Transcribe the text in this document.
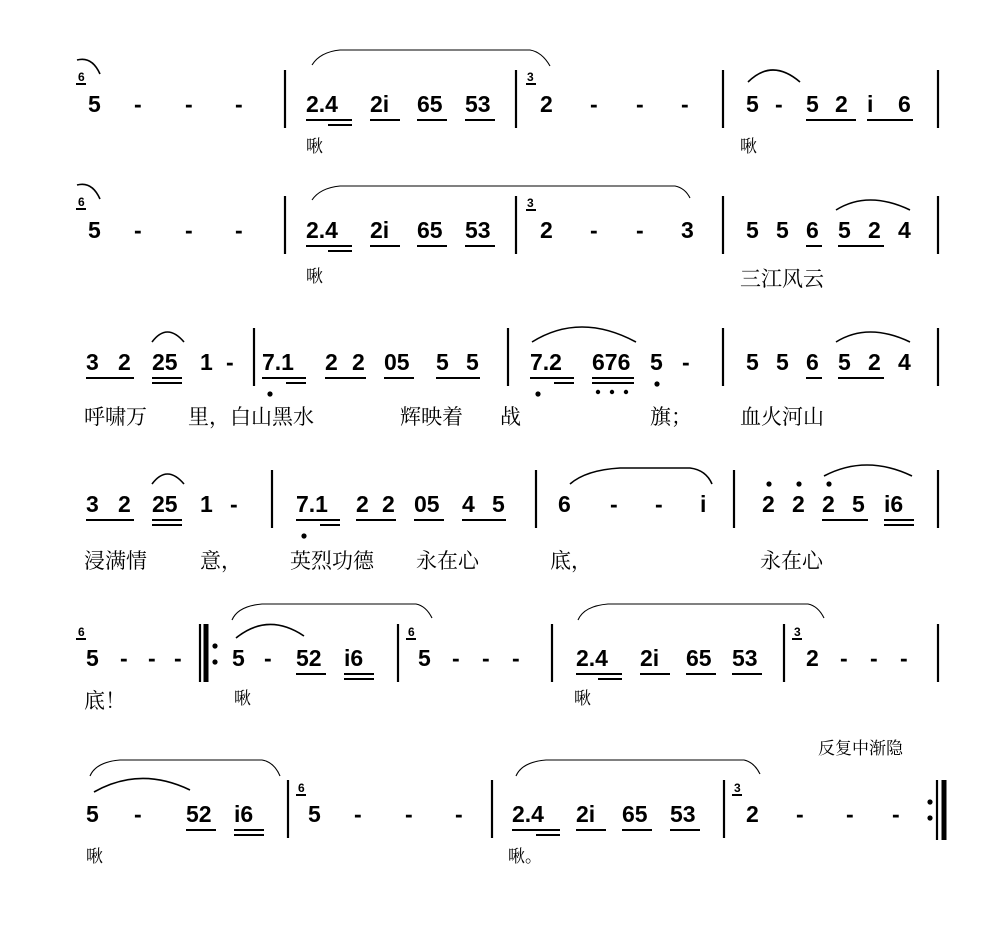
6
5 - - -	2.4 2i 65 53
3
2 - - - 5 - 5 2 i 6
啾	啾
6
5 - - -	2.4 2i 65 53
3
2 - - 3 5 5 6 5 2 4
啾	三江风云
3 2 25 1 - 7.1 2 2 05 5 5 7.2 676 5 - 5 5 6 5 2 4
呼啸万 里，白山黑水	辉映着 战	旗； 血火河山
3 2 25 1 -	7.1 2 2 05 4 5 6 - - i 2 2 2 5 i6
浸满情	意， 英烈功德 永在心	底，	永在心
6
5 - - - 5 - 52 i6
6
5 - - - 2.4 2i 65 53
3
2 - - -
底！	啾	啾
反复中渐隐
5 - 52 i6
6
5 - - - 2.4 2i 65 53
3
2 - - -
啾	啾。
